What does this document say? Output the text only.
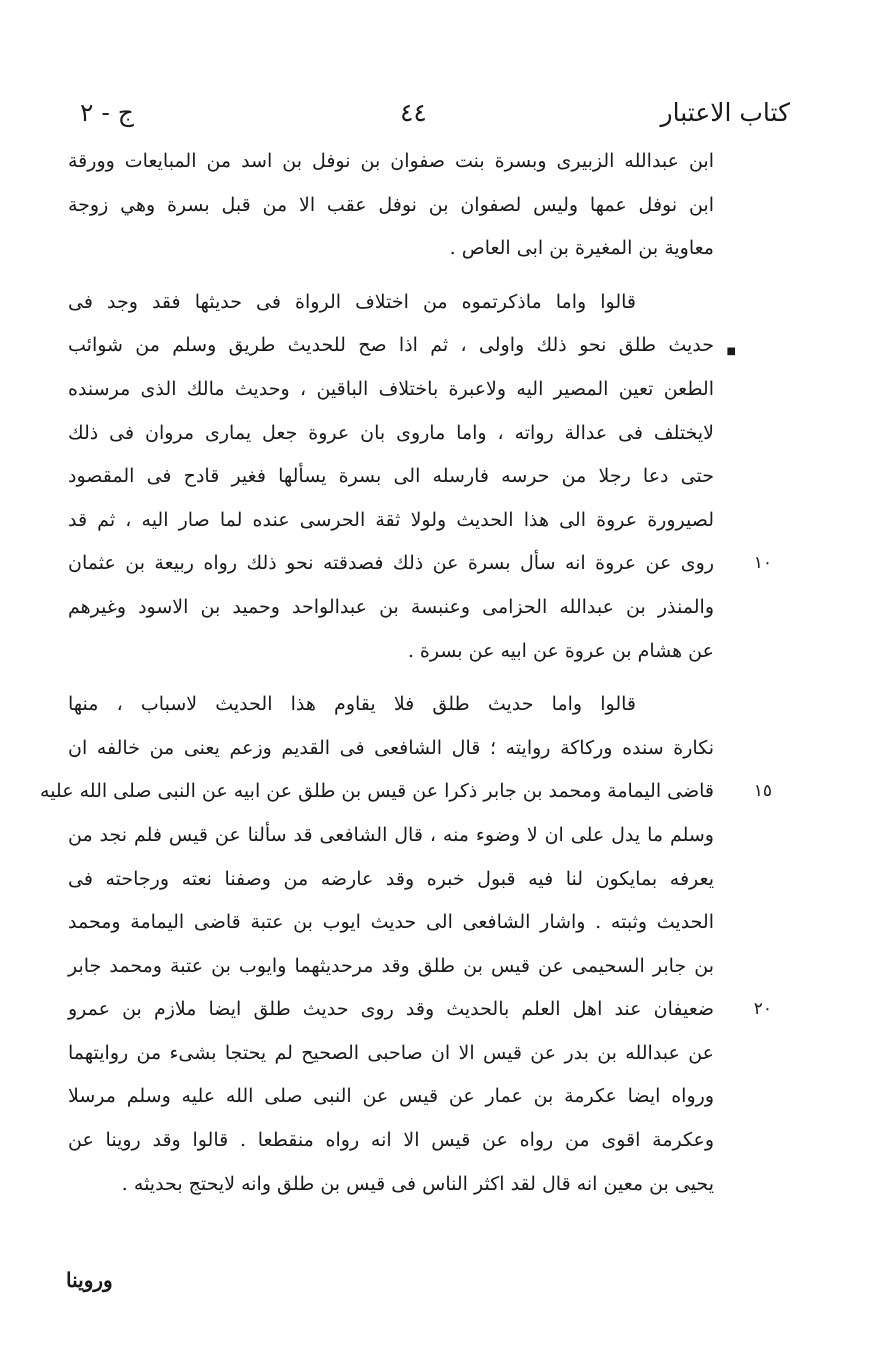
كتاب الاعتبار
٤٤
ج - ٢
ابن عبدالله الزبيرى وبسرة بنت صفوان بن نوفل بن اسد من المبايعات وورقة
ابن نوفل عمها وليس لصفوان بن نوفل عقب الا من قبل بسرة وهي زوجة
معاوية بن المغيرة بن ابى العاص .
قالوا واما ماذكرتموه من اختلاف الرواة فى حديثها فقد وجد فى
■
حديث طلق نحو ذلك واولى ، ثم اذا صح للحديث طريق وسلم من شوائب
الطعن تعين المصير اليه ولاعبرة باختلاف الباقين ، وحديث مالك الذى مرسنده
لايختلف فى عدالة رواته ، واما ماروى بان عروة جعل يمارى مروان فى ذلك
حتى دعا رجلا من حرسه فارسله الى بسرة يسألها فغير قادح فى المقصود
لصيرورة عروة الى هذا الحديث ولولا ثقة الحرسى عنده لما صار اليه ، ثم قد
١٠
روى عن عروة انه سأل بسرة عن ذلك فصدقته نحو ذلك رواه ربيعة بن عثمان
والمنذر بن عبدالله الحزامى وعنبسة بن عبدالواحد وحميد بن الاسود وغيرهم
عن هشام بن عروة عن ابيه عن بسرة .
قالوا واما حديث طلق فلا يقاوم هذا الحديث لاسباب ، منها
نكارة سنده وركاكة روايته ؛ قال الشافعى فى القديم وزعم يعنى من خالفه ان
١٥
قاضى اليمامة ومحمد بن جابر ذكرا عن قيس بن طلق عن ابيه عن النبى صلى الله عليه
وسلم ما يدل على ان لا وضوء منه ، قال الشافعى قد سألنا عن قيس فلم نجد من
يعرفه بمايكون لنا فيه قبول خبره وقد عارضه من وصفنا نعته ورجاحته فى
الحديث وثبته . واشار الشافعى الى حديث ايوب بن عتبة قاضى اليمامة ومحمد
بن جابر السحيمى عن قيس بن طلق وقد مرحديثهما وايوب بن عتبة ومحمد جابر
٢٠
ضعيفان عند اهل العلم بالحديث وقد روى حديث طلق ايضا ملازم بن عمرو
عن عبدالله بن بدر عن قيس الا ان صاحبى الصحيح لم يحتجا بشىء من روايتهما
ورواه ايضا عكرمة بن عمار عن قيس عن النبى صلى الله عليه وسلم مرسلا
وعكرمة اقوى من رواه عن قيس الا انه رواه منقطعا . قالوا وقد روينا عن
يحيى بن معين انه قال لقد اكثر الناس فى قيس بن طلق وانه لايحتج بحديثه .
وروينا
